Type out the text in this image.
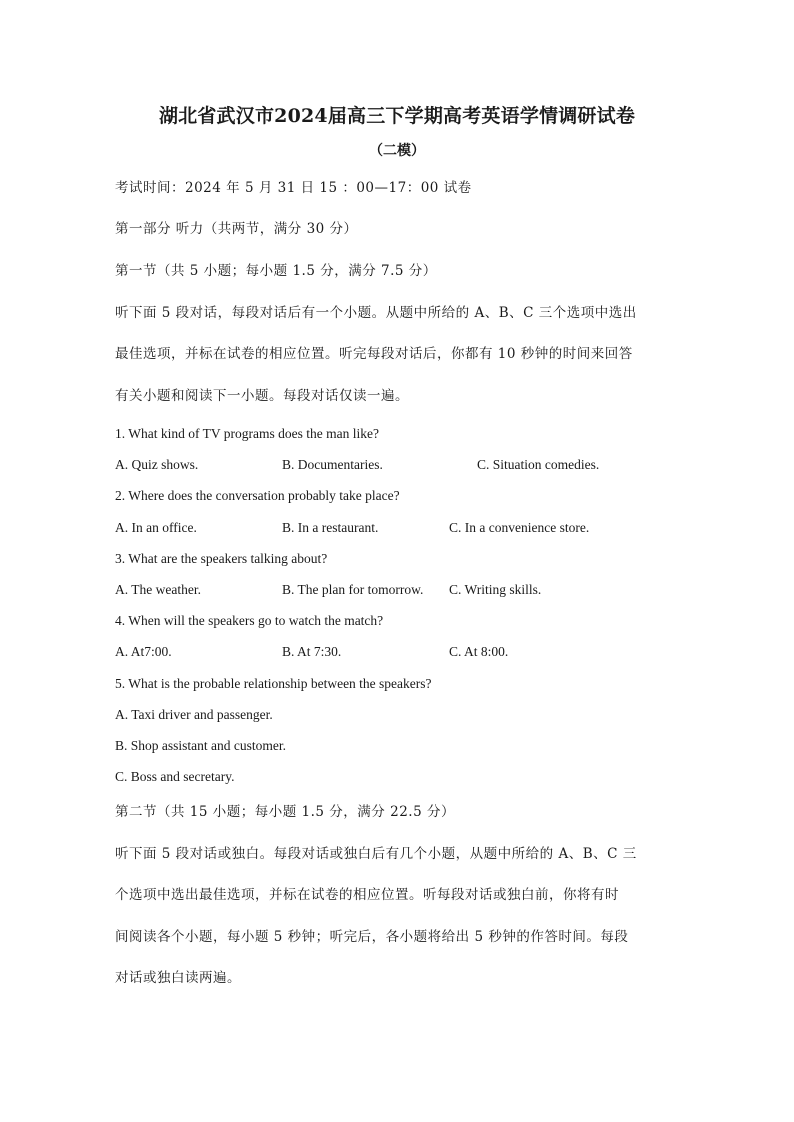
湖北省武汉市2024届高三下学期高考英语学情调研试卷
（二模）
考试时间：2024 年 5 月 31 日 15 ：00—17：00 试卷
第一部分 听力（共两节，满分 30 分）
第一节（共 5 小题；每小题 1.5 分，满分 7.5 分）
听下面 5 段对话，每段对话后有一个小题。从题中所给的 A、B、C 三个选项中选出
最佳选项，并标在试卷的相应位置。听完每段对话后，你都有 10 秒钟的时间来回答
有关小题和阅读下一小题。每段对话仅读一遍。
1. What kind of TV programs does the man like?
A. Quiz shows.	B. Documentaries.	C. Situation comedies.
2. Where does the conversation probably take place?
A. In an office.	B. In a restaurant.	C. In a convenience store.
3. What are the speakers talking about?
A. The weather.	B. The plan for tomorrow. C. Writing skills.
4. When will the speakers go to watch the match?
A. At7:00.	B. At 7:30.	C. At 8:00.
5. What is the probable relationship between the speakers?
A. Taxi driver and passenger.
B. Shop assistant and customer.
C. Boss and secretary.
第二节（共 15 小题；每小题 1.5 分，满分 22.5 分）
听下面 5 段对话或独白。每段对话或独白后有几个小题，从题中所给的 A、B、C 三
个选项中选出最佳选项，并标在试卷的相应位置。听每段对话或独白前，你将有时
间阅读各个小题，每小题 5 秒钟；听完后，各小题将给出 5 秒钟的作答时间。每段
对话或独白读两遍。
